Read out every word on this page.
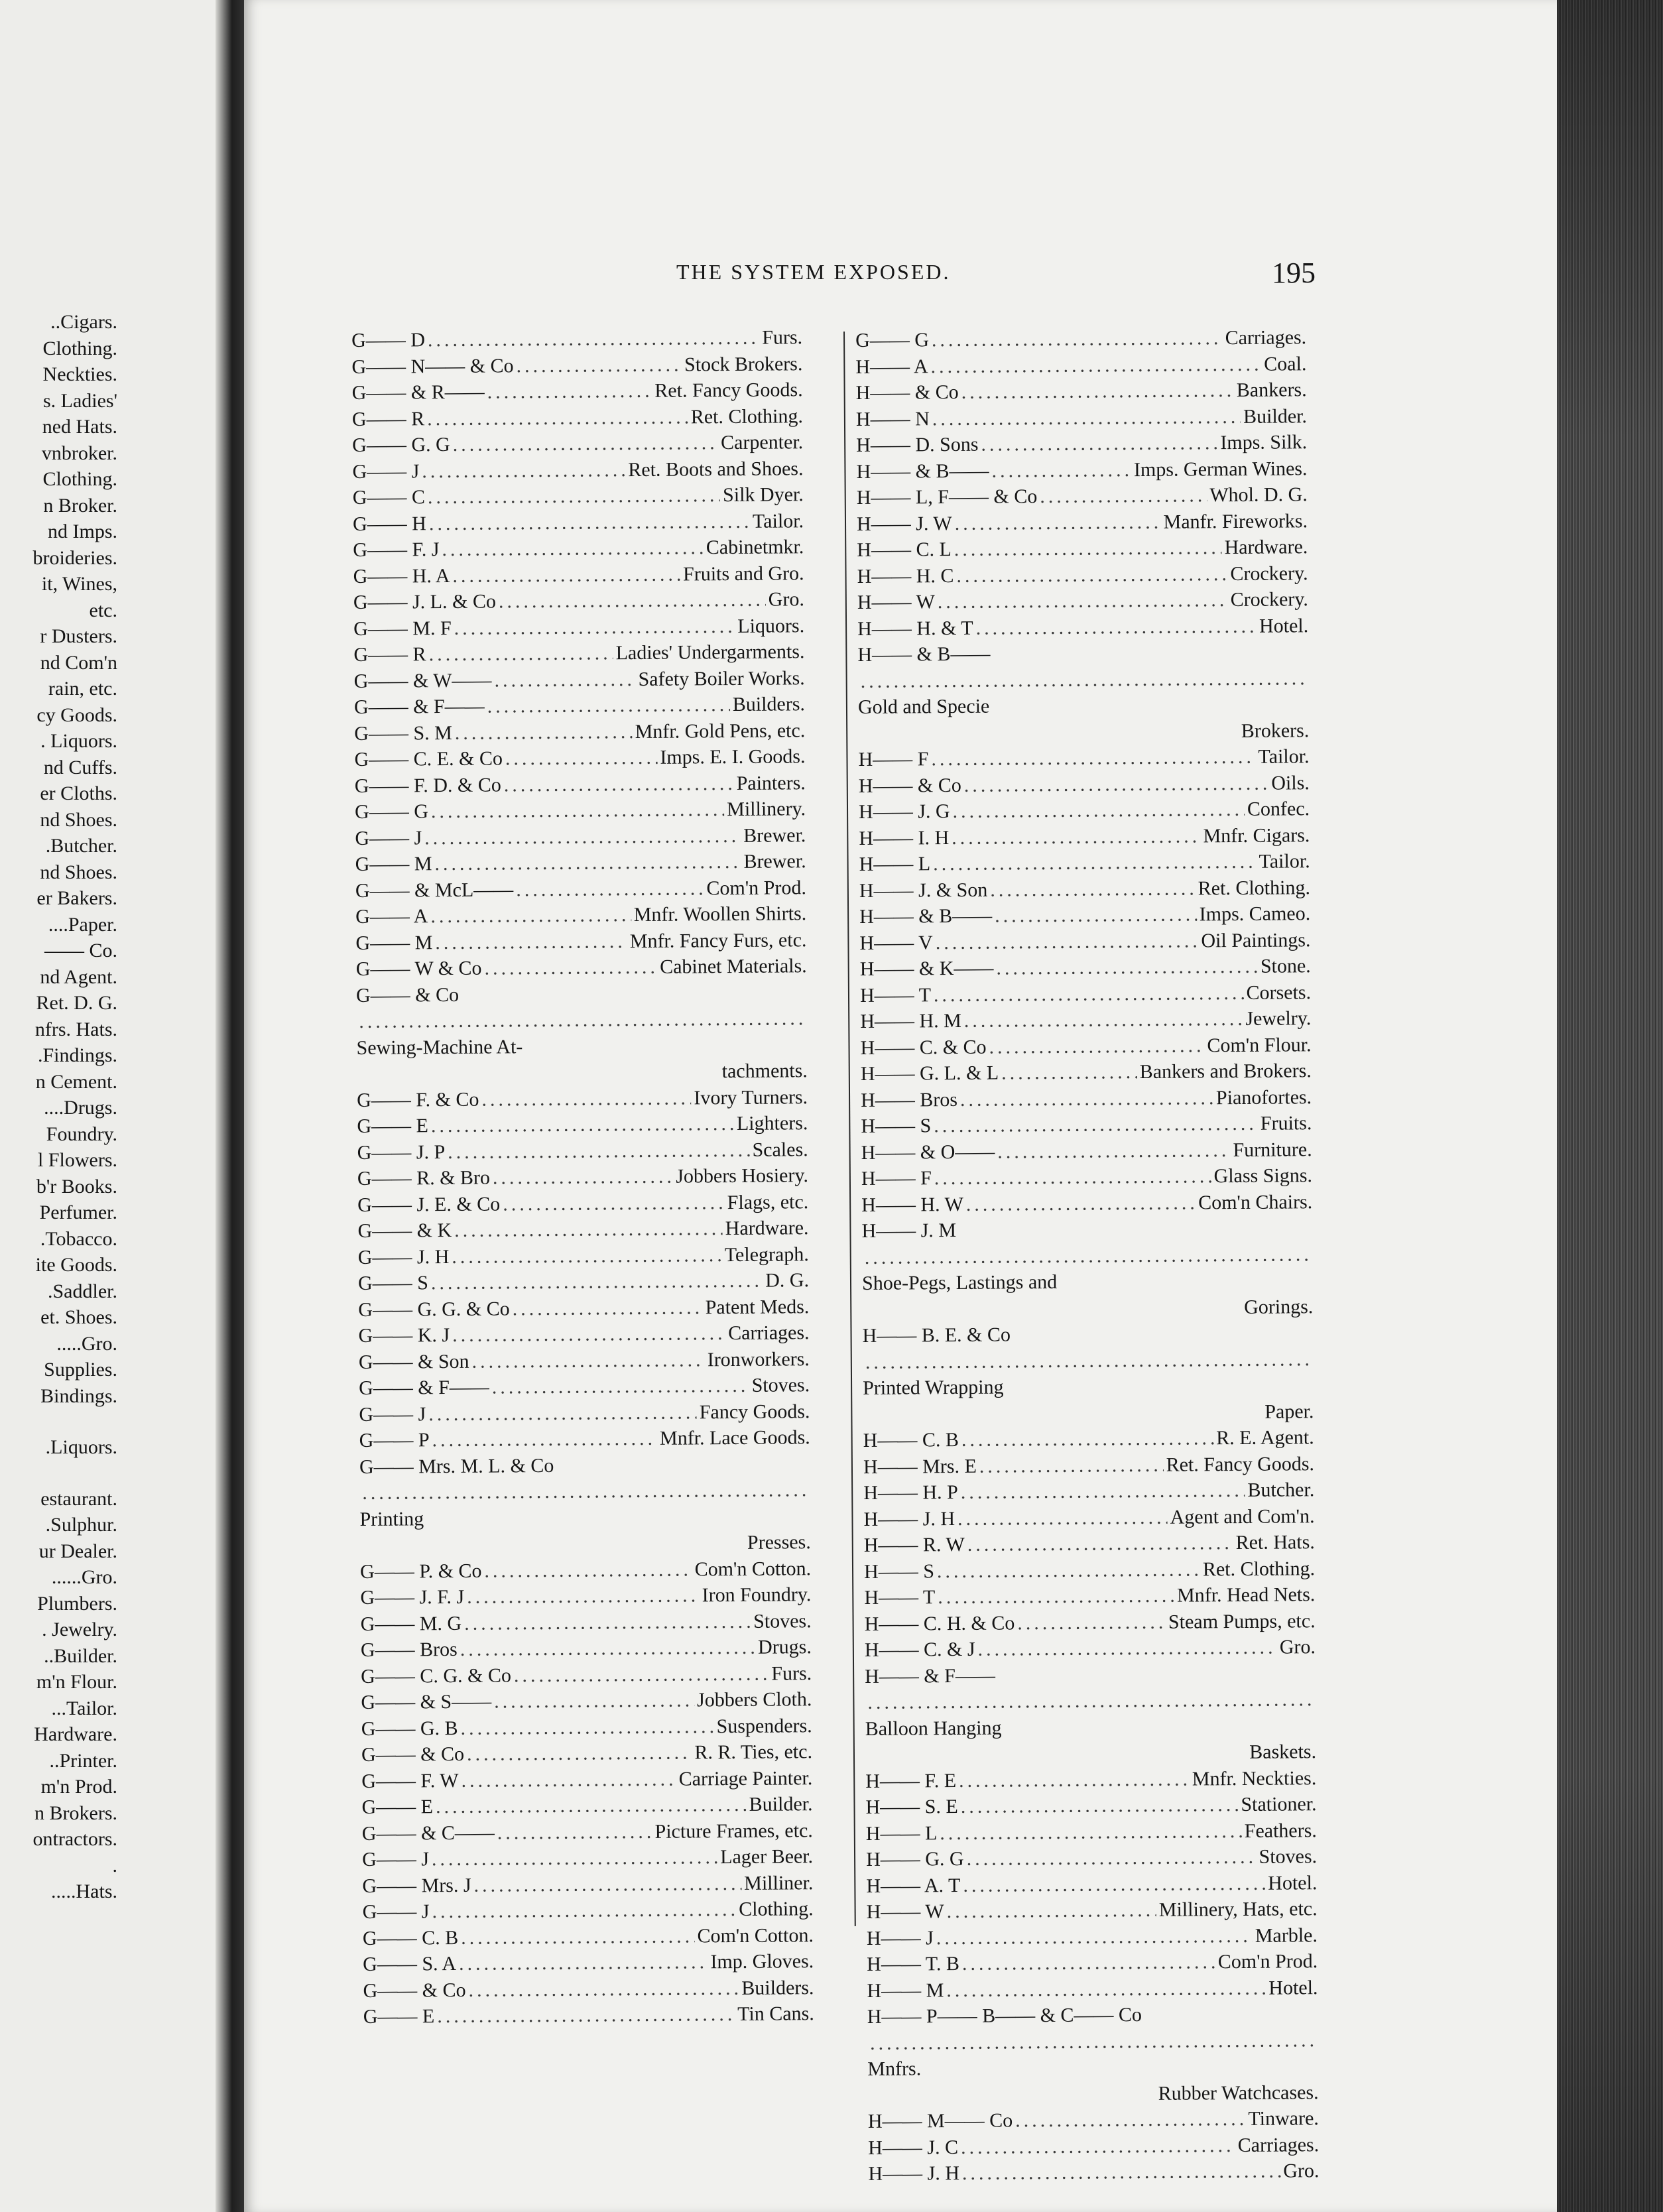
..Cigars.
Clothing.
Neckties.
s. Ladies'
ned Hats.
vnbroker.
Clothing.
n Broker.
nd Imps.
broideries.
it, Wines,
etc.
r Dusters.
nd Com'n
rain, etc.
cy Goods.
. Liquors.
nd Cuffs.
er Cloths.
nd Shoes.
.Butcher.
nd Shoes.
er Bakers.
....Paper.
—— Co.
nd Agent.
Ret. D. G.
nfrs. Hats.
.Findings.
n Cement.
....Drugs.
Foundry.
l Flowers.
b'r Books.
Perfumer.
.Tobacco.
ite Goods.
.Saddler.
et. Shoes.
.....Gro.
Supplies.
Bindings.
.Liquors.
estaurant.
.Sulphur.
ur Dealer.
......Gro.
Plumbers.
. Jewelry.
..Builder.
m'n Flour.
...Tailor.
Hardware.
..Printer.
m'n Prod.
n Brokers.
ontractors.
.
.....Hats.
THE SYSTEM EXPOSED.	195
G—— D .....	Furs.
G—— N—— & Co .....	Stock Brokers.
G—— & R—— .....	Ret. Fancy Goods.
G—— R .....	Ret. Clothing.
G—— G. G .....	Carpenter.
G—— J .....	Ret. Boots and Shoes.
G—— C .....	Silk Dyer.
G—— H .....	Tailor.
G—— F. J .....	Cabinetmkr.
G—— H. A .....	Fruits and Gro.
G—— J. L. & Co .....	Gro.
G—— M. F .....	Liquors.
G—— R .....	Ladies' Undergarments.
G—— & W—— .....	Safety Boiler Works.
G—— & F—— .....	Builders.
G—— S. M .....	Mnfr. Gold Pens, etc.
G—— C. E. & Co .....	Imps. E. I. Goods.
G—— F. D. & Co .....	Painters.
G—— G .....	Millinery.
G—— J .....	Brewer.
G—— M .....	Brewer.
G—— & McL—— .....	Com'n Prod.
G—— A .....	Mnfr. Woollen Shirts.
G—— M .....	Mnfr. Fancy Furs, etc.
G—— W & Co .....	Cabinet Materials.
G—— & Co
.....
Sewing-Machine At-
tachments.
G—— F. & Co .....	Ivory Turners.
G—— E .....	Lighters.
G—— J. P .....	Scales.
G—— R. & Bro .....	Jobbers Hosiery.
G—— J. E. & Co .....	Flags, etc.
G—— & K .....	Hardware.
G—— J. H .....	Telegraph.
G—— S .....	D. G.
G—— G. G. & Co .....	Patent Meds.
G—— K. J .....	Carriages.
G—— & Son .....	Ironworkers.
G—— & F—— .....	Stoves.
G—— J .....	Fancy Goods.
G—— P .....	Mnfr. Lace Goods.
G—— Mrs. M. L. & Co
.....
Printing
Presses.
G—— P. & Co .....	Com'n Cotton.
G—— J. F. J .....	Iron Foundry.
G—— M. G .....	Stoves.
G—— Bros .....	Drugs.
G—— C. G. & Co .....	Furs.
G—— & S—— .....	Jobbers Cloth.
G—— G. B .....	Suspenders.
G—— & Co .....	R. R. Ties, etc.
G—— F. W .....	Carriage Painter.
G—— E .....	Builder.
G—— & C—— .....	Picture Frames, etc.
G—— J .....	Lager Beer.
G—— Mrs. J .....	Milliner.
G—— J .....	Clothing.
G—— C. B .....	Com'n Cotton.
G—— S. A .....	Imp. Gloves.
G—— & Co .....	Builders.
G—— E .....	Tin Cans.
G—— G .....	Carriages.
H—— A .....	Coal.
H—— & Co .....	Bankers.
H—— N .....	Builder.
H—— D. Sons .....	Imps. Silk.
H—— & B—— .....	Imps. German Wines.
H—— L, F—— & Co .....	Whol. D. G.
H—— J. W .....	Manfr. Fireworks.
H—— C. L .....	Hardware.
H—— H. C .....	Crockery.
H—— W .....	Crockery.
H—— H. & T .....	Hotel.
H—— & B——
.....
Gold and Specie
Brokers.
H—— F .....	Tailor.
H—— & Co .....	Oils.
H—— J. G .....	Confec.
H—— I. H .....	Mnfr. Cigars.
H—— L .....	Tailor.
H—— J. & Son .....	Ret. Clothing.
H—— & B—— .....	Imps. Cameo.
H—— V .....	Oil Paintings.
H—— & K—— .....	Stone.
H—— T .....	Corsets.
H—— H. M .....	Jewelry.
H—— C. & Co .....	Com'n Flour.
H—— G. L. & L .....	Bankers and Brokers.
H—— Bros .....	Pianofortes.
H—— S .....	Fruits.
H—— & O—— .....	Furniture.
H—— F .....	Glass Signs.
H—— H. W .....	Com'n Chairs.
H—— J. M
.....
Shoe-Pegs, Lastings and
Gorings.
H—— B. E. & Co
.....
Printed Wrapping
Paper.
H—— C. B .....	R. E. Agent.
H—— Mrs. E .....	Ret. Fancy Goods.
H—— H. P .....	Butcher.
H—— J. H .....	Agent and Com'n.
H—— R. W .....	Ret. Hats.
H—— S .....	Ret. Clothing.
H—— T .....	Mnfr. Head Nets.
H—— C. H. & Co .....	Steam Pumps, etc.
H—— C. & J .....	Gro.
H—— & F——
.....
Balloon Hanging
Baskets.
H—— F. E .....	Mnfr. Neckties.
H—— S. E .....	Stationer.
H—— L .....	Feathers.
H—— G. G .....	Stoves.
H—— A. T .....	Hotel.
H—— W .....	Millinery, Hats, etc.
H—— J .....	Marble.
H—— T. B .....	Com'n Prod.
H—— M .....	Hotel.
H—— P—— B—— & C—— Co
.....
Mnfrs.
Rubber Watchcases.
H—— M—— Co .....	Tinware.
H—— J. C .....	Carriages.
H—— J. H .....	Gro.
